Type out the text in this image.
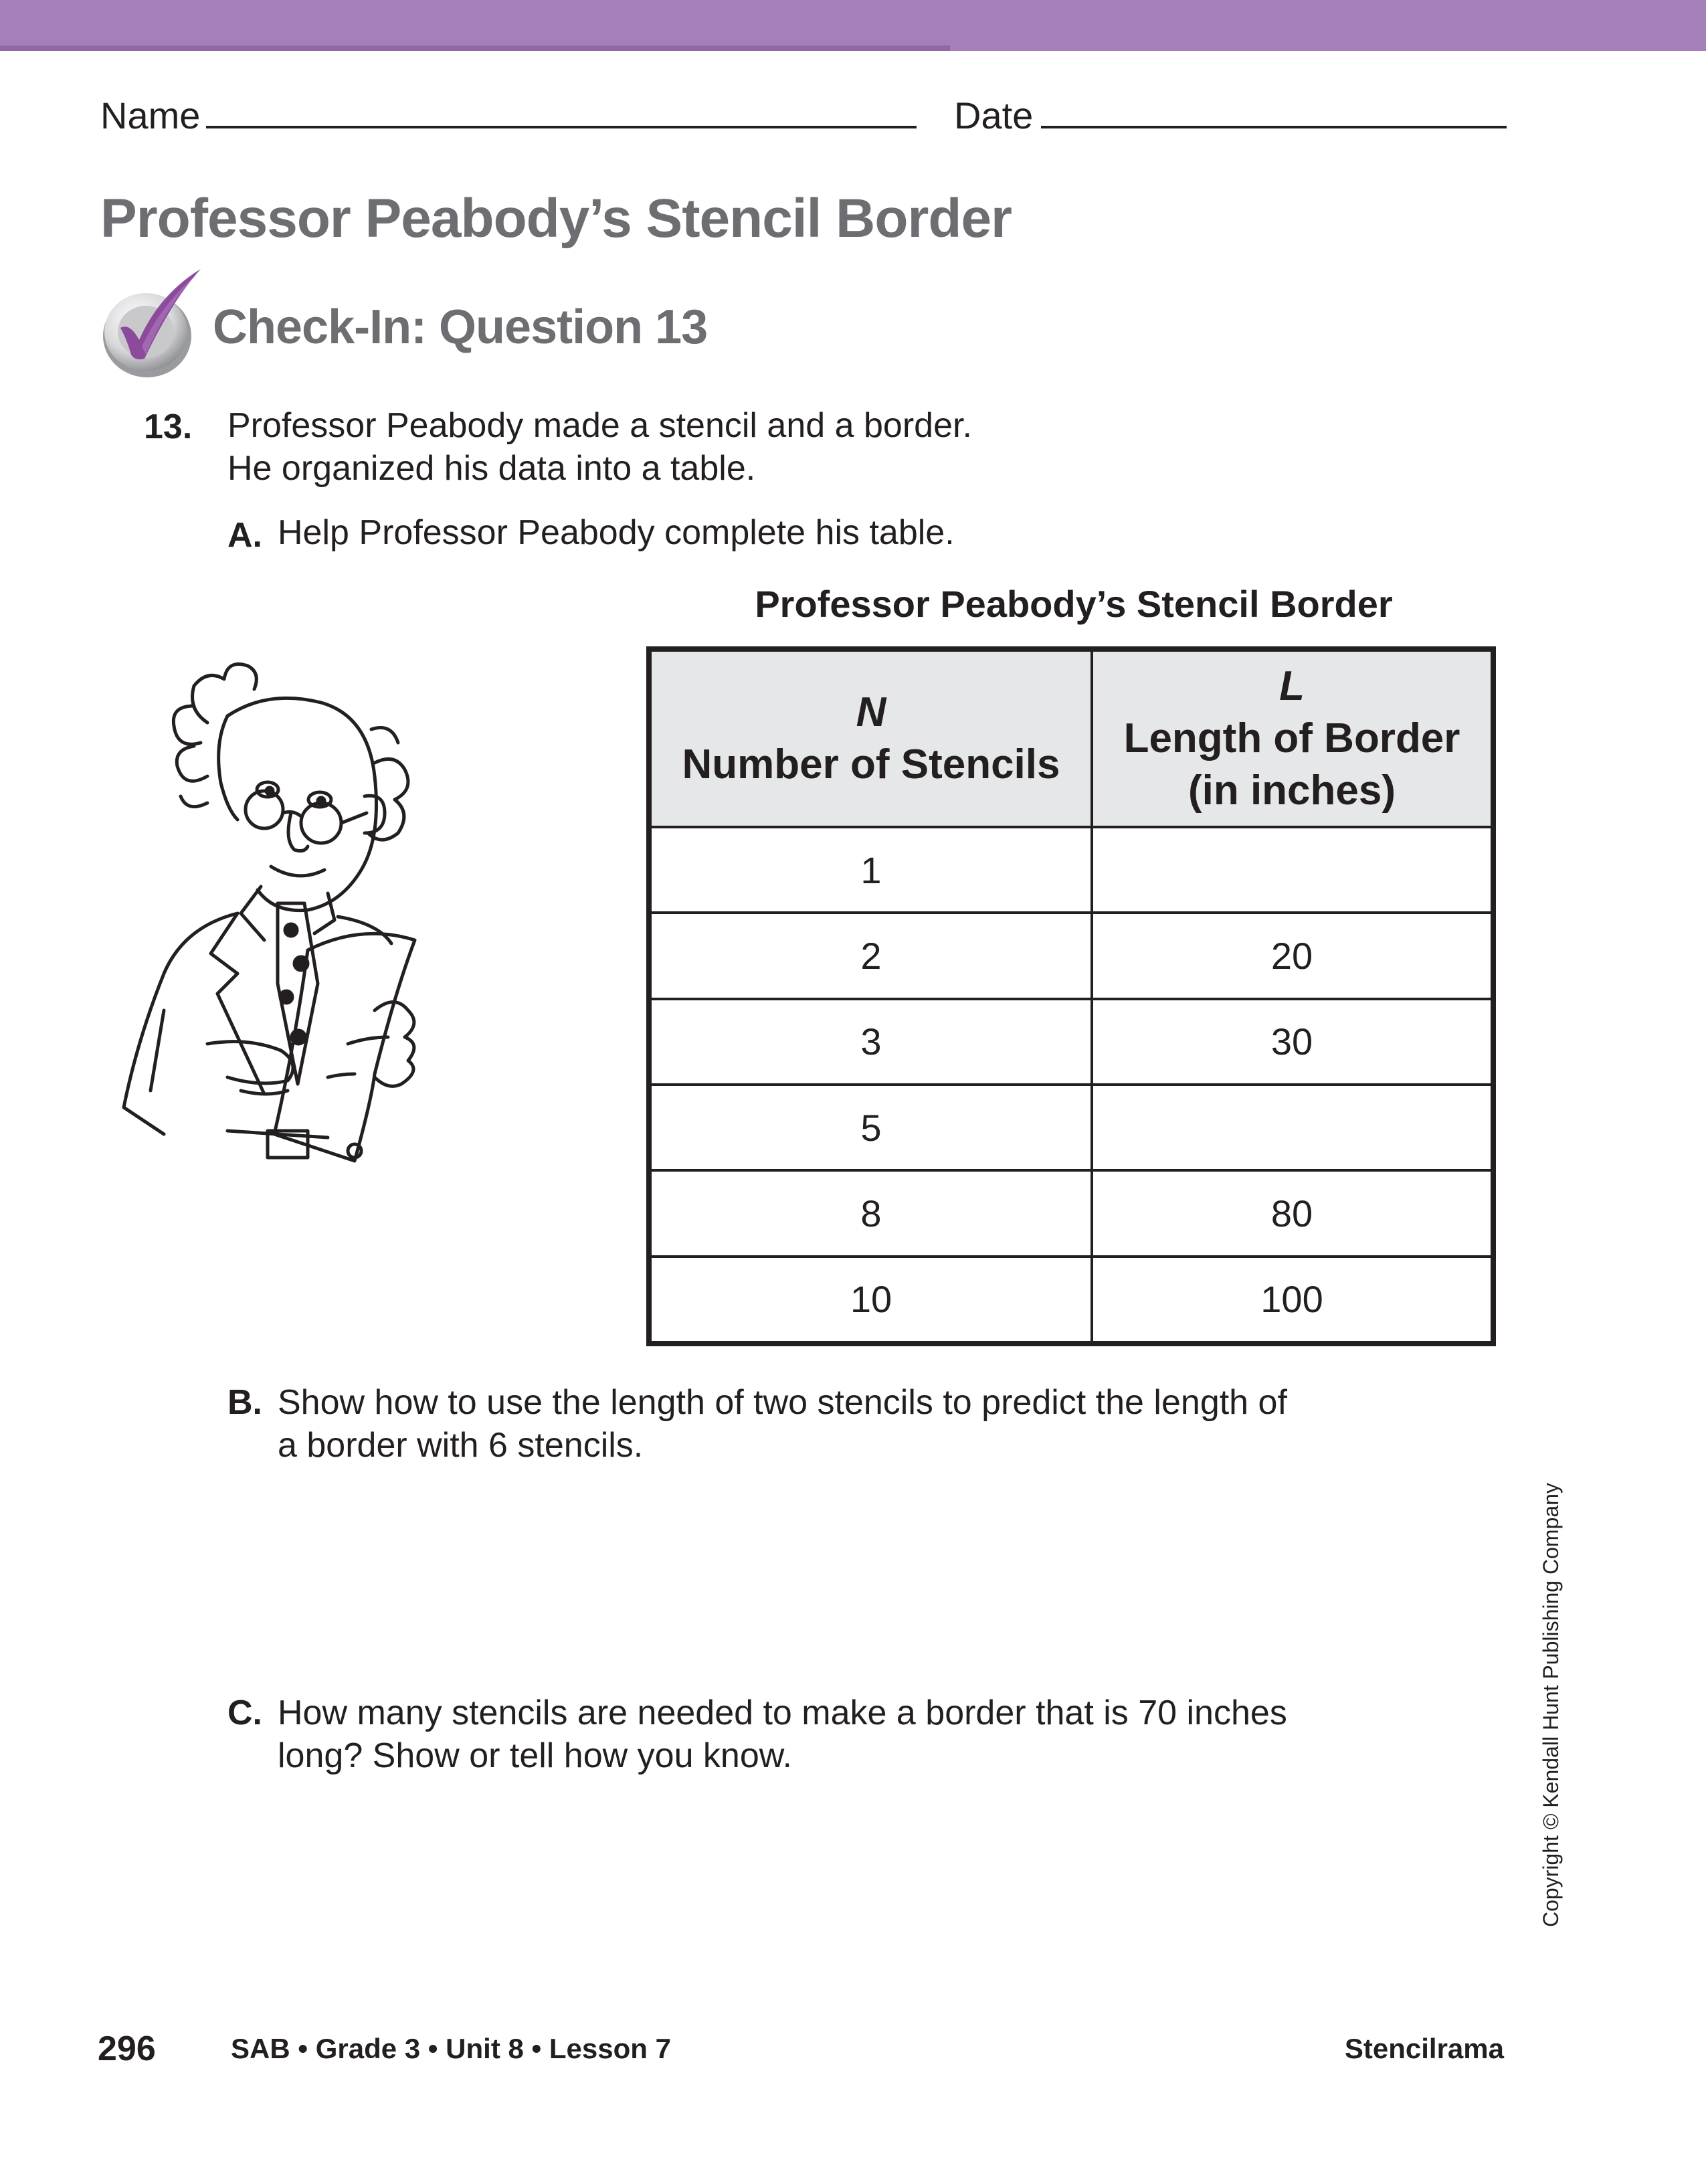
Name	Date
Professor Peabody’s Stencil Border
Check-In: Question 13
13. Professor Peabody made a stencil and a border.
He organized his data into a table.
A. Help Professor Peabody complete his table.
Professor Peabody’s Stencil Border
N
Number of Stencils	L
Length of Border
(in inches)

1	
2	20
3	30
5	
8	80
10	100
B. Show how to use the length of two stencils to predict the length of
a border with 6 stencils.
C. How many stencils are needed to make a border that is 70 inches
long? Show or tell how you know.	Copyright © Kendall Hunt Publishing Company
296	SAB • Grade 3 • Unit 8 • Lesson 7	Stencilrama
